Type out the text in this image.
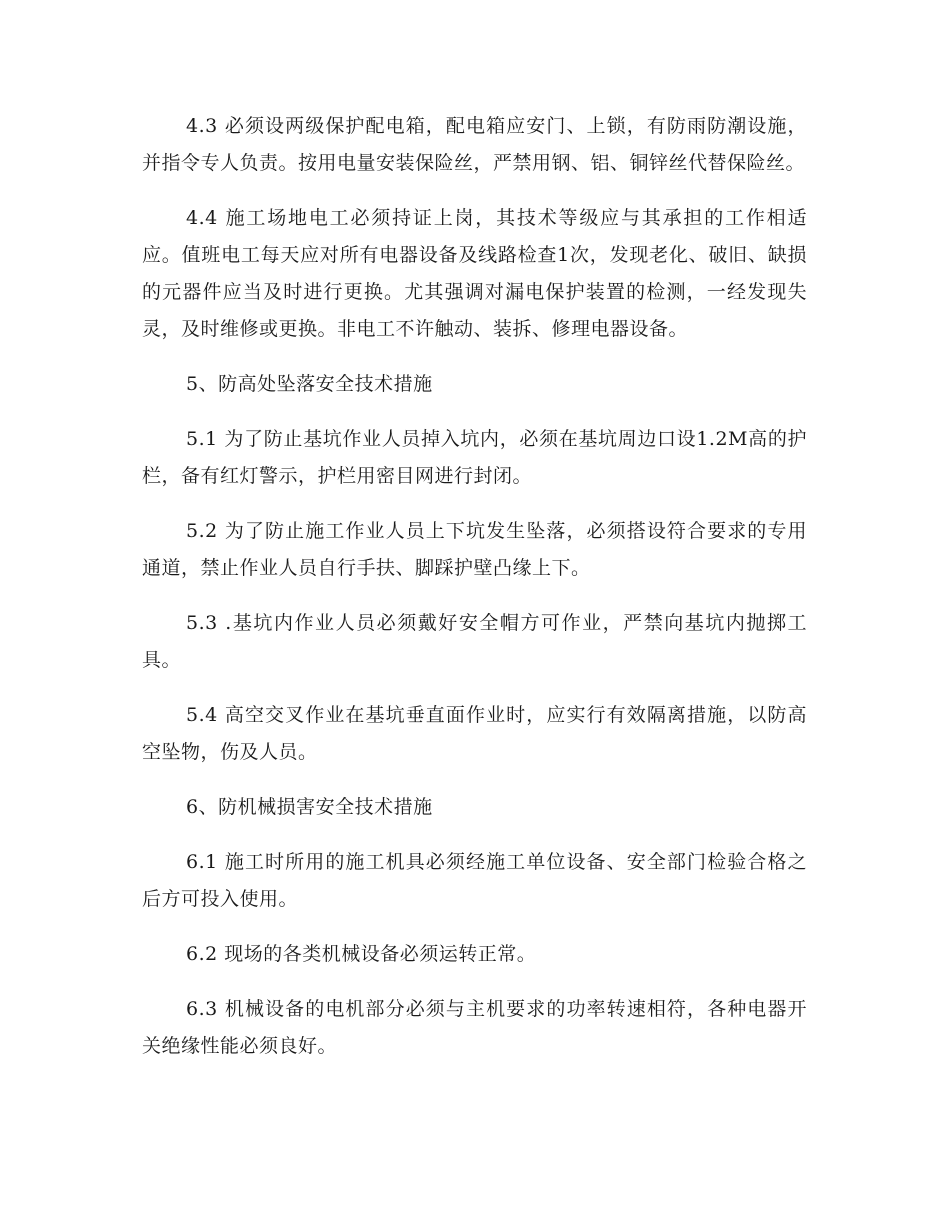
4.3 必须设两级保护配电箱，配电箱应安门、上锁，有防雨防潮设施，并指令专人负责。按用电量安装保险丝，严禁用钢、铝、铜锌丝代替保险丝。

4.4 施工场地电工必须持证上岗，其技术等级应与其承担的工作相适应。值班电工每天应对所有电器设备及线路检查1次，发现老化、破旧、缺损的元器件应当及时进行更换。尤其强调对漏电保护装置的检测，一经发现失灵，及时维修或更换。非电工不许触动、装拆、修理电器设备。

5、防高处坠落安全技术措施

5.1 为了防止基坑作业人员掉入坑内，必须在基坑周边口设1.2M高的护栏，备有红灯警示，护栏用密目网进行封闭。

5.2 为了防止施工作业人员上下坑发生坠落，必须搭设符合要求的专用通道，禁止作业人员自行手扶、脚踩护壁凸缘上下。

5.3 .基坑内作业人员必须戴好安全帽方可作业，严禁向基坑内抛掷工具。

5.4 高空交叉作业在基坑垂直面作业时，应实行有效隔离措施，以防高空坠物，伤及人员。

6、防机械损害安全技术措施

6.1 施工时所用的施工机具必须经施工单位设备、安全部门检验合格之后方可投入使用。

6.2 现场的各类机械设备必须运转正常。

6.3 机械设备的电机部分必须与主机要求的功率转速相符，各种电器开关绝缘性能必须良好。
